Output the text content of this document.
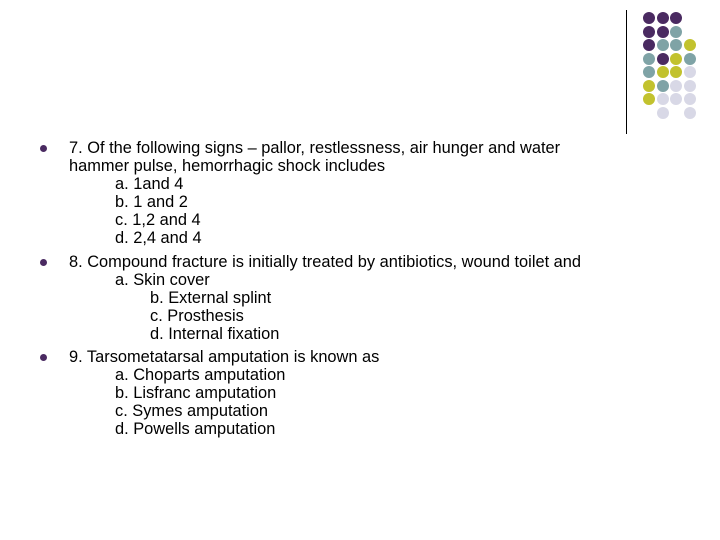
7. Of the following signs – pallor, restlessness, air hunger and water
hammer pulse, hemorrhagic shock includes
a. 1and 4
b. 1 and 2
c. 1,2 and 4
d. 2,4 and 4
8. Compound fracture is initially treated by antibiotics, wound toilet and
a. Skin cover
b. External splint
c. Prosthesis
d. Internal fixation
9. Tarsometatarsal amputation is known as
a. Choparts amputation
b. Lisfranc amputation
c. Symes amputation
d. Powells amputation
